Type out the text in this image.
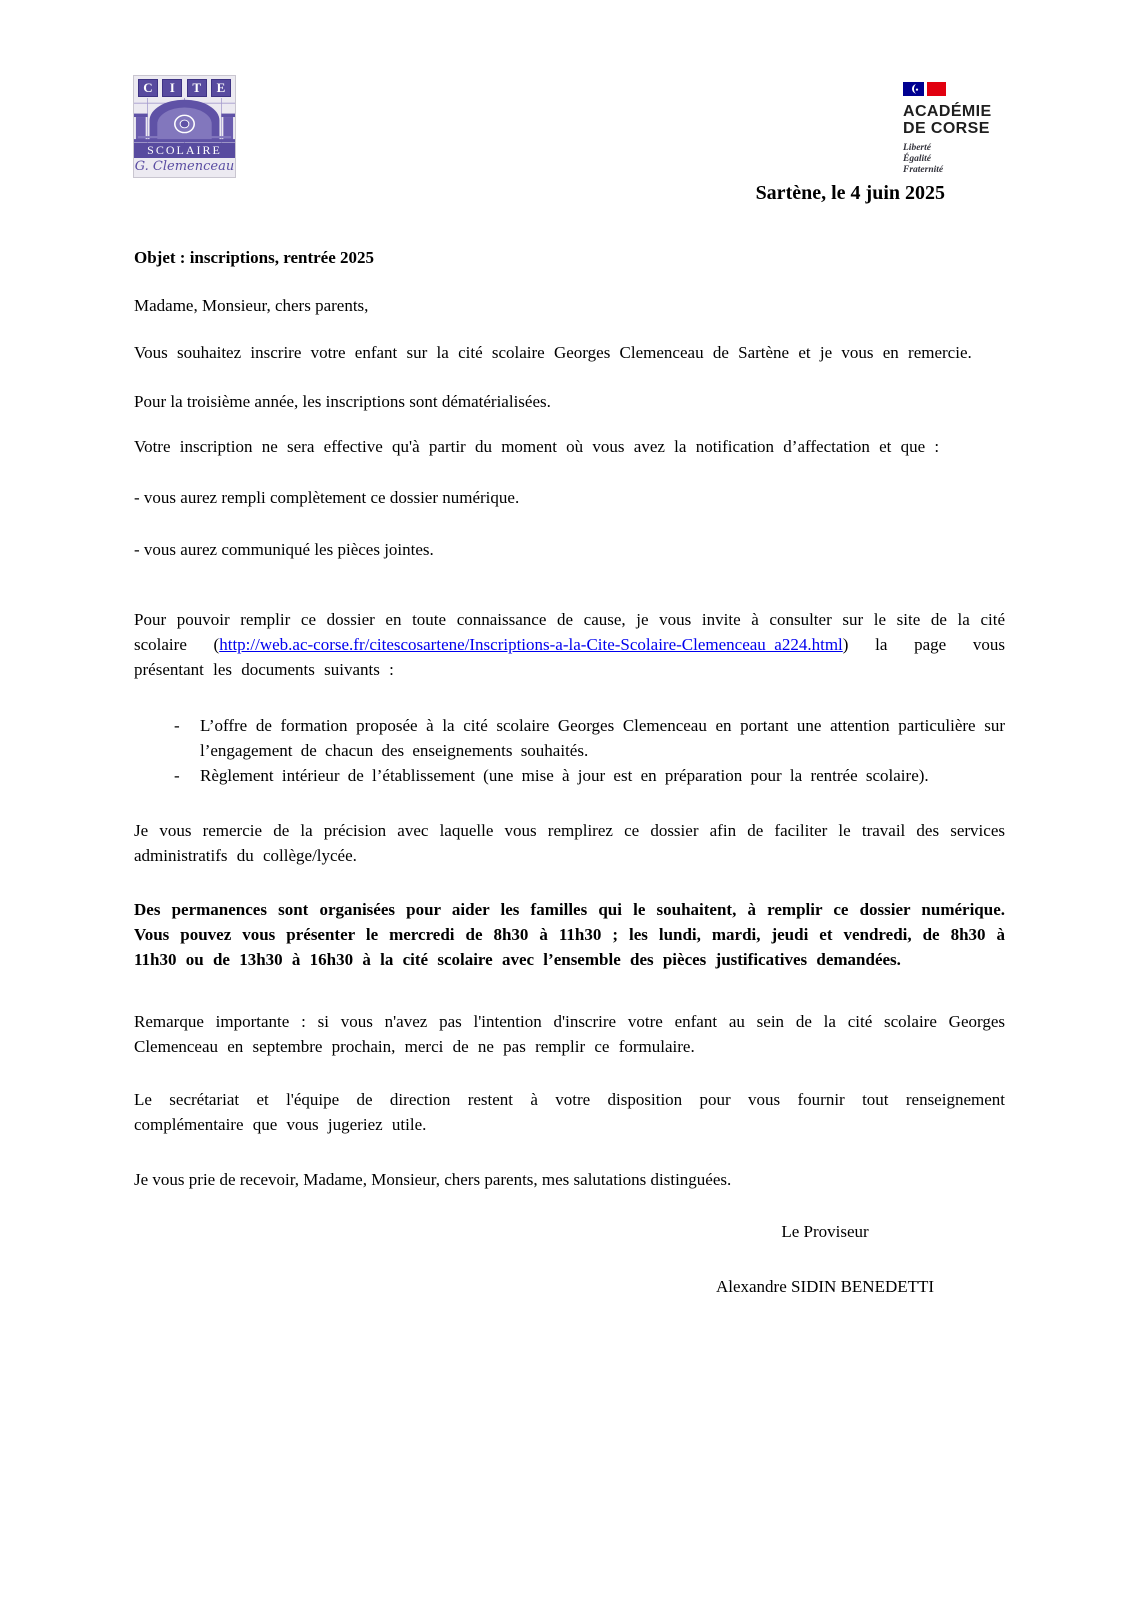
C	I	T	E
SCOLAIRE
G. Clemenceau
ACADÉMIE
DE CORSE
Liberté
Égalité
Fraternité
Sartène, le 4 juin 2025

Objet : inscriptions, rentrée 2025

Madame, Monsieur, chers parents,

Vous souhaitez inscrire votre enfant sur la cité scolaire Georges Clemenceau de Sartène et je vous en remercie.

Pour la troisième année, les inscriptions sont dématérialisées.

Votre inscription ne sera effective qu'à partir du moment où vous avez la notification d’affectation et que :

- vous aurez rempli complètement ce dossier numérique.

- vous aurez communiqué les pièces jointes.

Pour pouvoir remplir ce dossier en toute connaissance de cause, je vous invite à consulter sur le site de la cité scolaire (http://web.ac-corse.fr/citescosartene/Inscriptions-a-la-Cite-Scolaire-Clemenceau_a224.html) la page vous présentant les documents suivants :

-	L’offre de formation proposée à la cité scolaire Georges Clemenceau en portant une attention particulière sur l’engagement de chacun des enseignements souhaités.
-	Règlement intérieur de l’établissement (une mise à jour est en préparation pour la rentrée scolaire).

Je vous remercie de la précision avec laquelle vous remplirez ce dossier afin de faciliter le travail des services administratifs du collège/lycée.

Des permanences sont organisées pour aider les familles qui le souhaitent, à remplir ce dossier numérique. Vous pouvez vous présenter le mercredi de 8h30 à 11h30 ; les lundi, mardi, jeudi et vendredi, de 8h30 à 11h30 ou de 13h30 à 16h30 à la cité scolaire avec l’ensemble des pièces justificatives demandées.

Remarque importante : si vous n'avez pas l'intention d'inscrire votre enfant au sein de la cité scolaire Georges Clemenceau en septembre prochain, merci de ne pas remplir ce formulaire.

Le secrétariat et l'équipe de direction restent à votre disposition pour vous fournir tout renseignement complémentaire que vous jugeriez utile.

Je vous prie de recevoir, Madame, Monsieur, chers parents, mes salutations distinguées.

Le Proviseur

Alexandre SIDIN BENEDETTI
